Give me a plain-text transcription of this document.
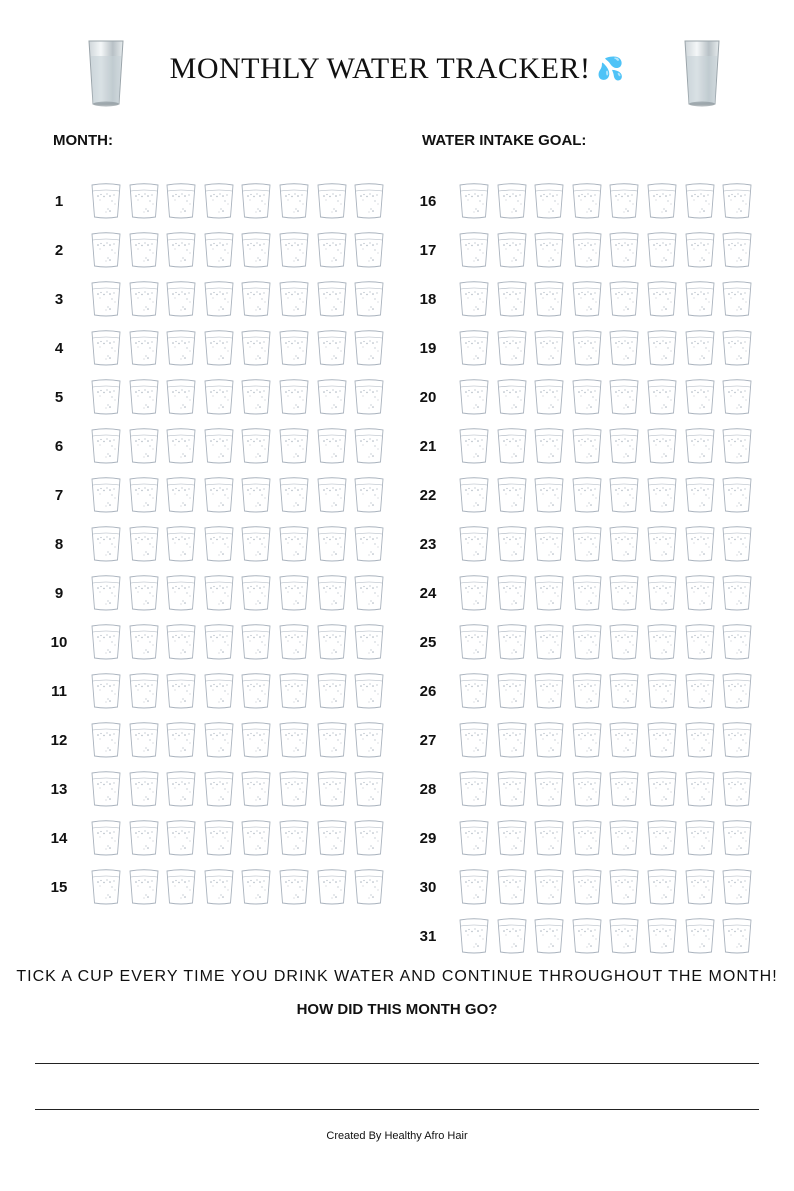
MONTHLY WATER TRACKER! 💦
MONTH:	WATER INTAKE GOAL:
1
2
3
4
5
6
7
8
9
10
11
12
13
14
15
16
17
18
19
20
21
22
23
24
25
26
27
28
29
30
31
TICK A CUP EVERY TIME YOU DRINK WATER AND CONTINUE THROUGHOUT THE MONTH!
HOW DID THIS MONTH GO?
Created By Healthy Afro Hair
